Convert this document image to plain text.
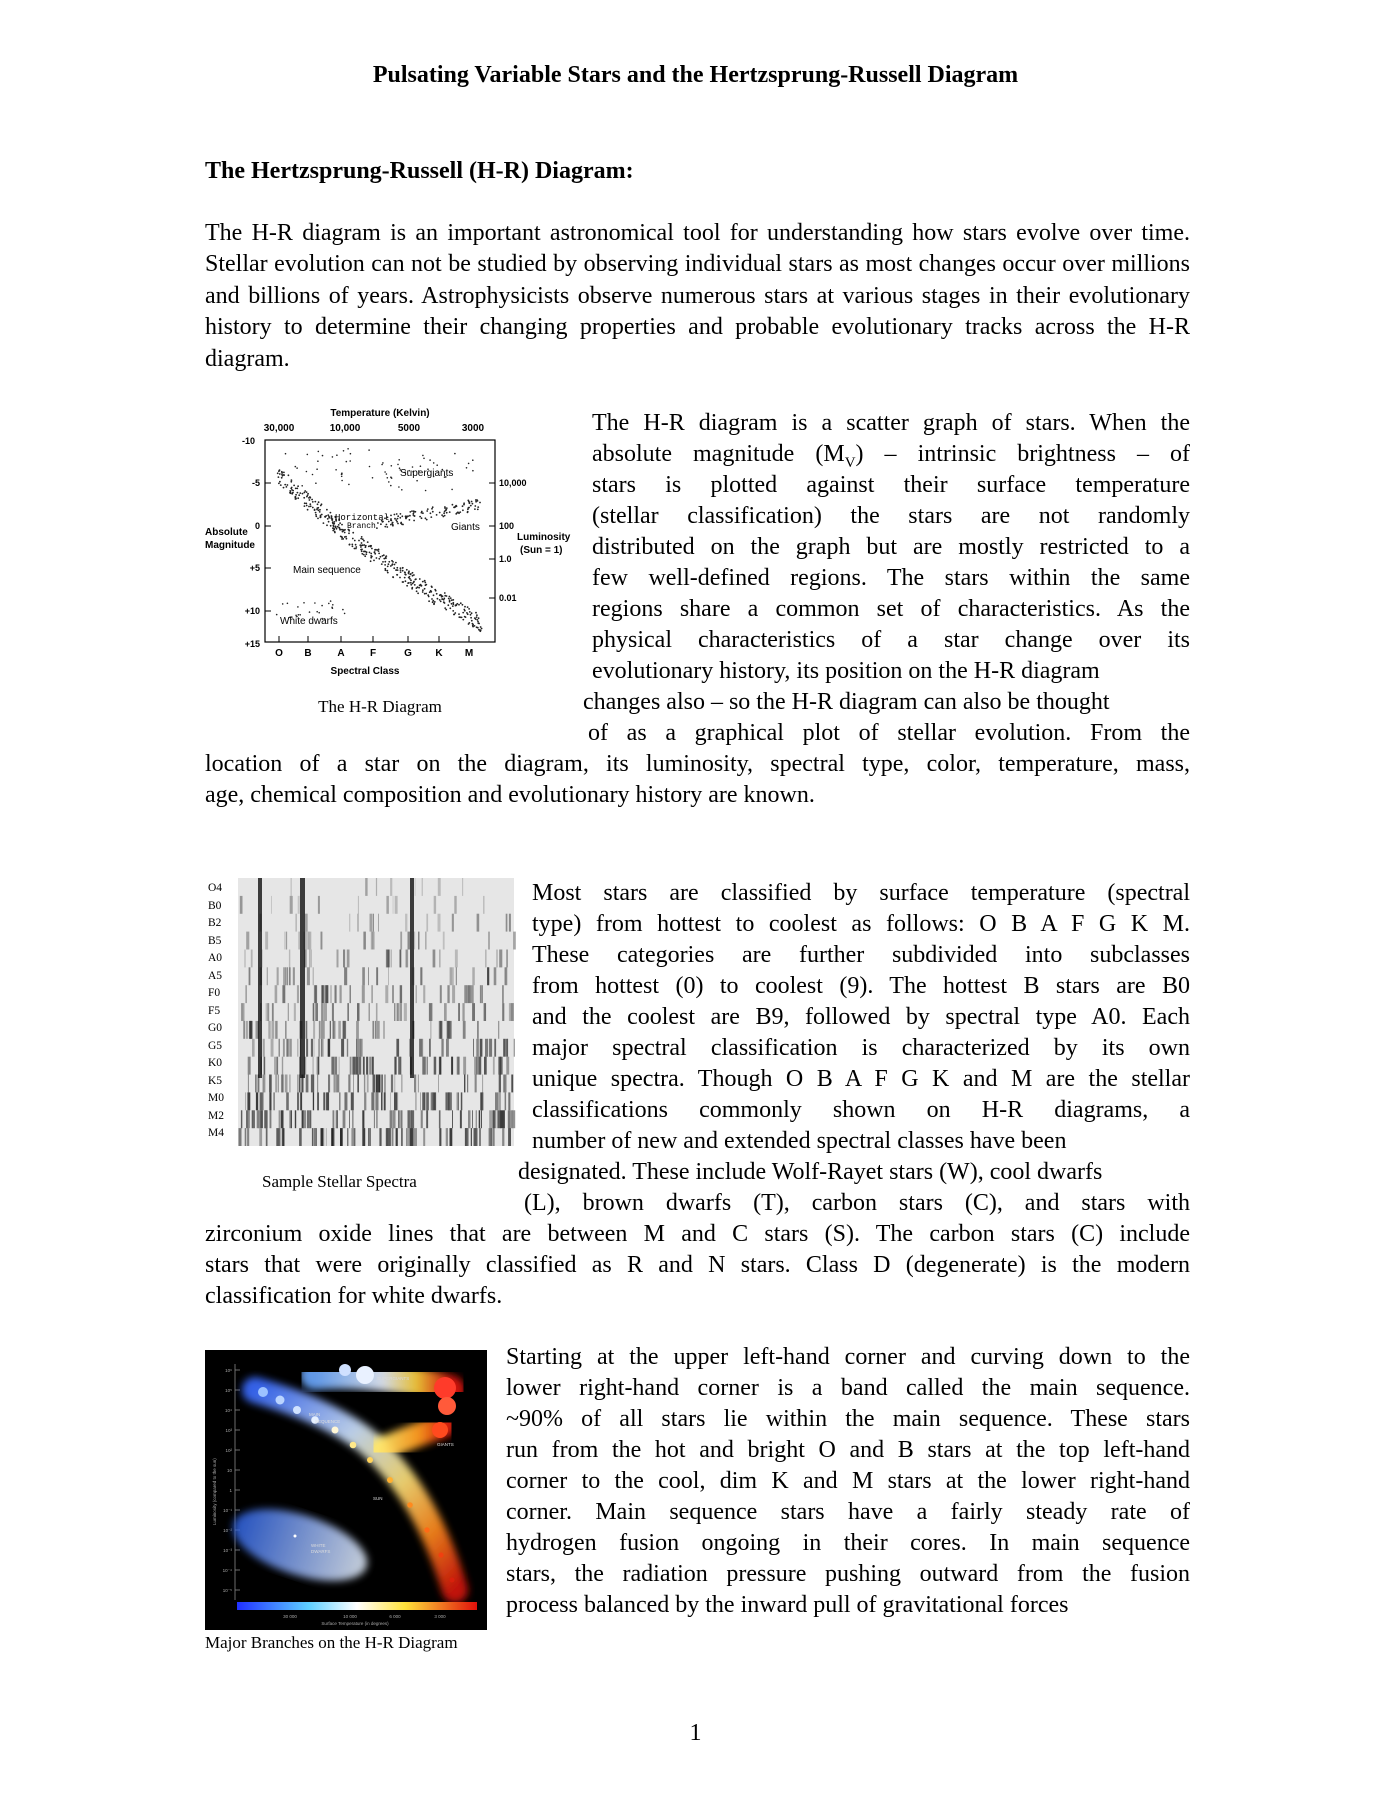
Pulsating Variable Stars and the Hertzsprung-Russell Diagram
The Hertzsprung-Russell (H-R) Diagram:
The H-R diagram is an important astronomical tool for understanding how stars evolve over time. Stellar evolution can not be studied by observing individual stars as most changes occur over millions and billions of years. Astrophysicists observe numerous stars at various stages in their evolutionary history to determine their changing properties and probable evolutionary tracks across the H-R diagram.
Temperature (Kelvin)
30,000	10,000	5000	3000
-10
-5
0
+5
+10
+15
Absolute
Magnitude
10,000
100
1.0
0.01
Luminosity
(Sun = 1)
O B	A	F	G K M
Spectral Class
Supergiants
Giants
Horizontal
Branch
Main sequence
White dwarfs
The H-R Diagram
The H-R diagram is a scatter graph of stars. When the
absolute magnitude $(M_V)$ – intrinsic brightness – of
stars is plotted against their surface temperature
(stellar classification) the stars are not randomly
distributed on the graph but are mostly restricted to a
few well-defined regions. The stars within the same
regions share a common set of characteristics. As the
physical characteristics of a star change over its
evolutionary history, its position on the H-R diagram
changes also – so the H-R diagram can also be thought
of as a graphical plot of stellar evolution. From the
location of a star on the diagram, its luminosity, spectral type, color, temperature, mass,
age, chemical composition and evolutionary history are known.
O4
B0
B2
B5
A0
A5
F0
F5
G0
G5
K0
K5
M0
M2
M4
Sample Stellar Spectra
Most stars are classified by surface temperature (spectral
type) from hottest to coolest as follows: O B A F G K M.
These categories are further subdivided into subclasses
from hottest (0) to coolest (9). The hottest B stars are B0
and the coolest are B9, followed by spectral type A0. Each
major spectral classification is characterized by its own
unique spectra. Though O B A F G K and M are the stellar
classifications commonly shown on H-R diagrams, a
number of new and extended spectral classes have been
designated. These include Wolf-Rayet stars (W), cool dwarfs
(L), brown dwarfs (T), carbon stars (C), and stars with
zirconium oxide lines that are between M and C stars (S). The carbon stars (C) include
stars that were originally classified as R and N stars. Class D (degenerate) is the modern
classification for white dwarfs.
10⁶
10⁵
10⁴
10³
10²
10
1
10⁻¹
10⁻²
10⁻³
10⁻⁴
10⁻⁵
Luminosity (compared to the sun)
SUPERGIANTS
GIANTS
MAIN
SEQUENCE
SUN
WHITE
DWARFS
30 000	10 000	6 000	3 000
Surface Temperature (in degrees)
Major Branches on the H-R Diagram
Starting at the upper left-hand corner and curving down to the
lower right-hand corner is a band called the main sequence.
~90% of all stars lie within the main sequence. These stars
run from the hot and bright O and B stars at the top left-hand
corner to the cool, dim K and M stars at the lower right-hand
corner. Main sequence stars have a fairly steady rate of
hydrogen fusion ongoing in their cores. In main sequence
stars, the radiation pressure pushing outward from the fusion
process balanced by the inward pull of gravitational forces
1
